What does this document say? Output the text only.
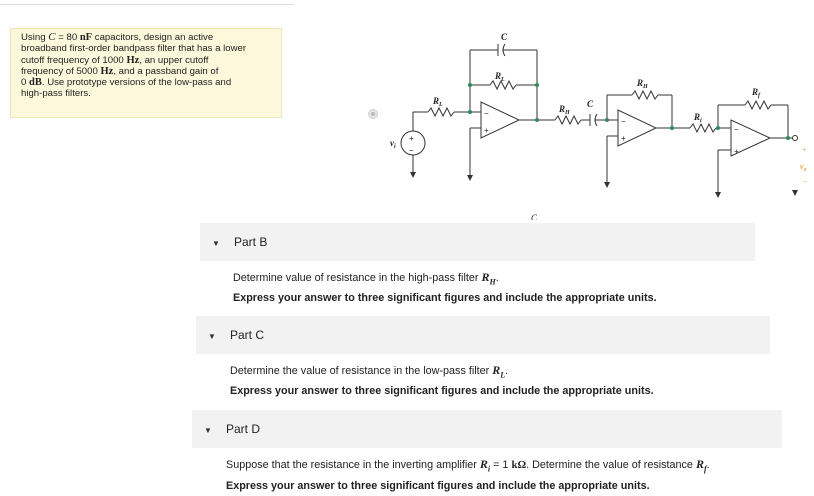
Using C = 80 nF capacitors, design an active
broadband first-order bandpass filter that has a lower
cutoff frequency of 1000 Hz, an upper cutoff
frequency of 5000 Hz, and a passband gain of
0 dB. Use prototype versions of the low-pass and
high-pass filters.
C
$R_L$
$R_L$	$R_H$
C
$R_H$
$R_i$
$R_f$
$v_i$
+
−
−
+
−
+
−
+	+
$v_o$
−
C
▼ Part B
Determine value of resistance in the high-pass filter $R_H$.
Express your answer to three significant figures and include the appropriate units.
▼ Part C
Determine the value of resistance in the low-pass filter $R_L$.
Express your answer to three significant figures and include the appropriate units.
▼ Part D
Suppose that the resistance in the inverting amplifier $R_i = 1$ kΩ. Determine the value of resistance $R_f$.
Express your answer to three significant figures and include the appropriate units.
